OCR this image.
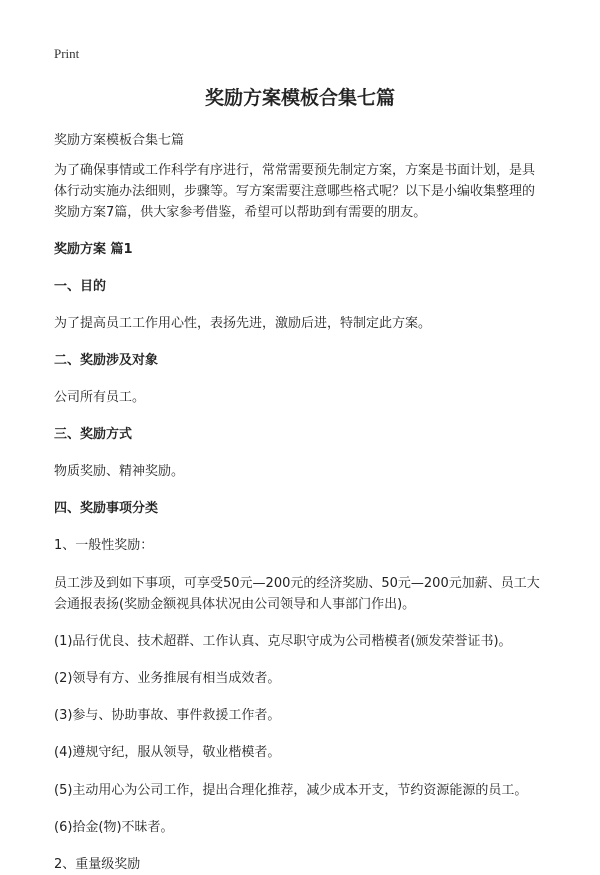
Print

奖励方案模板合集七篇

奖励方案模板合集七篇

为了确保事情或工作科学有序进行，常常需要预先制定方案，方案是书面计划，是具体行动实施办法细则，步骤等。写方案需要注意哪些格式呢？以下是小编收集整理的奖励方案7篇，供大家参考借鉴，希望可以帮助到有需要的朋友。

奖励方案 篇1

一、目的

为了提高员工工作用心性，表扬先进，激励后进，特制定此方案。

二、奖励涉及对象

公司所有员工。

三、奖励方式

物质奖励、精神奖励。

四、奖励事项分类

1、一般性奖励：

员工涉及到如下事项，可享受50元—200元的经济奖励、50元—200元加薪、员工大会通报表扬(奖励金额视具体状况由公司领导和人事部门作出)。

(1)品行优良、技术超群、工作认真、克尽职守成为公司楷模者(颁发荣誉证书)。

(2)领导有方、业务推展有相当成效者。

(3)参与、协助事故、事件救援工作者。

(4)遵规守纪，服从领导，敬业楷模者。

(5)主动用心为公司工作，提出合理化推荐，减少成本开支，节约资源能源的员工。

(6)拾金(物)不昧者。

2、重量级奖励
